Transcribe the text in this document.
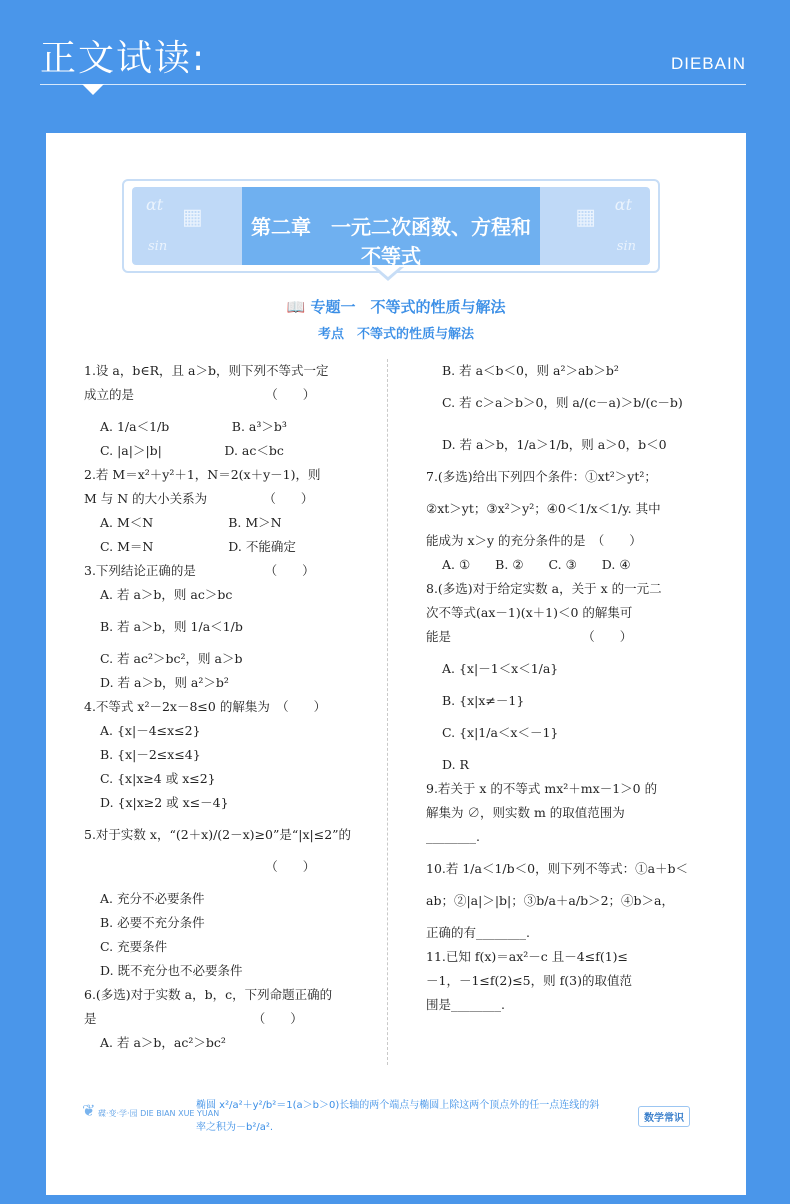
正文试读:	DIEBAIN
αt
sin
▦
αt
sin
▦
第二章　一元二次函数、方程和不等式
📖 专题一　不等式的性质与解法
考点　不等式的性质与解法
1.设 a，b∈R，且 a＞b，则下列不等式一定
成立的是　　　　　　　　　　　（　　）
A. 1/a＜1/b　　　　　B. a³＞b³
C. |a|＞|b|　　　　　D. ac＜bc
2.若 M＝x²＋y²＋1，N＝2(x＋y－1)，则
M 与 N 的大小关系为　　　　　（　　）
A. M＜N　　　　　　B. M＞N
C. M＝N　　　　　　D. 不能确定
3.下列结论正确的是　　　　　　（　　）
A. 若 a＞b，则 ac＞bc
B. 若 a＞b，则 1/a＜1/b
C. 若 ac²＞bc²，则 a＞b
D. 若 a＞b，则 a²＞b²
4.不等式 x²－2x－8≤0 的解集为　（　　）
A. {x|－4≤x≤2}
B. {x|－2≤x≤4}
C. {x|x≥4 或 x≤2}
D. {x|x≥2 或 x≤－4}
5.对于实数 x，“(2＋x)/(2－x)≥0”是“|x|≤2”的
　　　　　　　　　　　　　　　（　　）
A. 充分不必要条件
B. 必要不充分条件
C. 充要条件
D. 既不充分也不必要条件
6.(多选)对于实数 a，b，c，下列命题正确的
是　　　　　　　　　　　　　（　　）
A. 若 a＞b，ac²＞bc²
B. 若 a＜b＜0，则 a²＞ab＞b²
C. 若 c＞a＞b＞0，则 a/(c－a)＞b/(c－b)
D. 若 a＞b，1/a＞1/b，则 a＞0，b＜0
7.(多选)给出下列四个条件：①xt²＞yt²；
②xt＞yt；③x²＞y²；④0＜1/x＜1/y. 其中
能成为 x＞y 的充分条件的是　（　　）
A. ①　　B. ②　　C. ③　　D. ④
8.(多选)对于给定实数 a，关于 x 的一元二
次不等式(ax－1)(x＋1)＜0 的解集可
能是　　　　　　　　　　　（　　）
A. {x|－1＜x＜1/a}
B. {x|x≠－1}
C. {x|1/a＜x＜－1}
D. R
9.若关于 x 的不等式 mx²＋mx－1＞0 的
解集为 ∅，则实数 m 的取值范围为
________.
10.若 1/a＜1/b＜0，则下列不等式：①a＋b＜
ab；②|a|＞|b|；③b/a＋a/b＞2；④b＞a，
正确的有________.
11.已知 f(x)＝ax²－c 且－4≤f(1)≤
－1，－1≤f(2)≤5，则 f(3)的取值范
围是________.
❦ 碟·变·学·园 DIE BIAN XUE YUAN
椭圆 x²/a²＋y²/b²＝1(a＞b＞0)长轴的两个端点与椭圆上除这两个顶点外的任一点连线的斜
率之积为－b²/a².
数学常识
